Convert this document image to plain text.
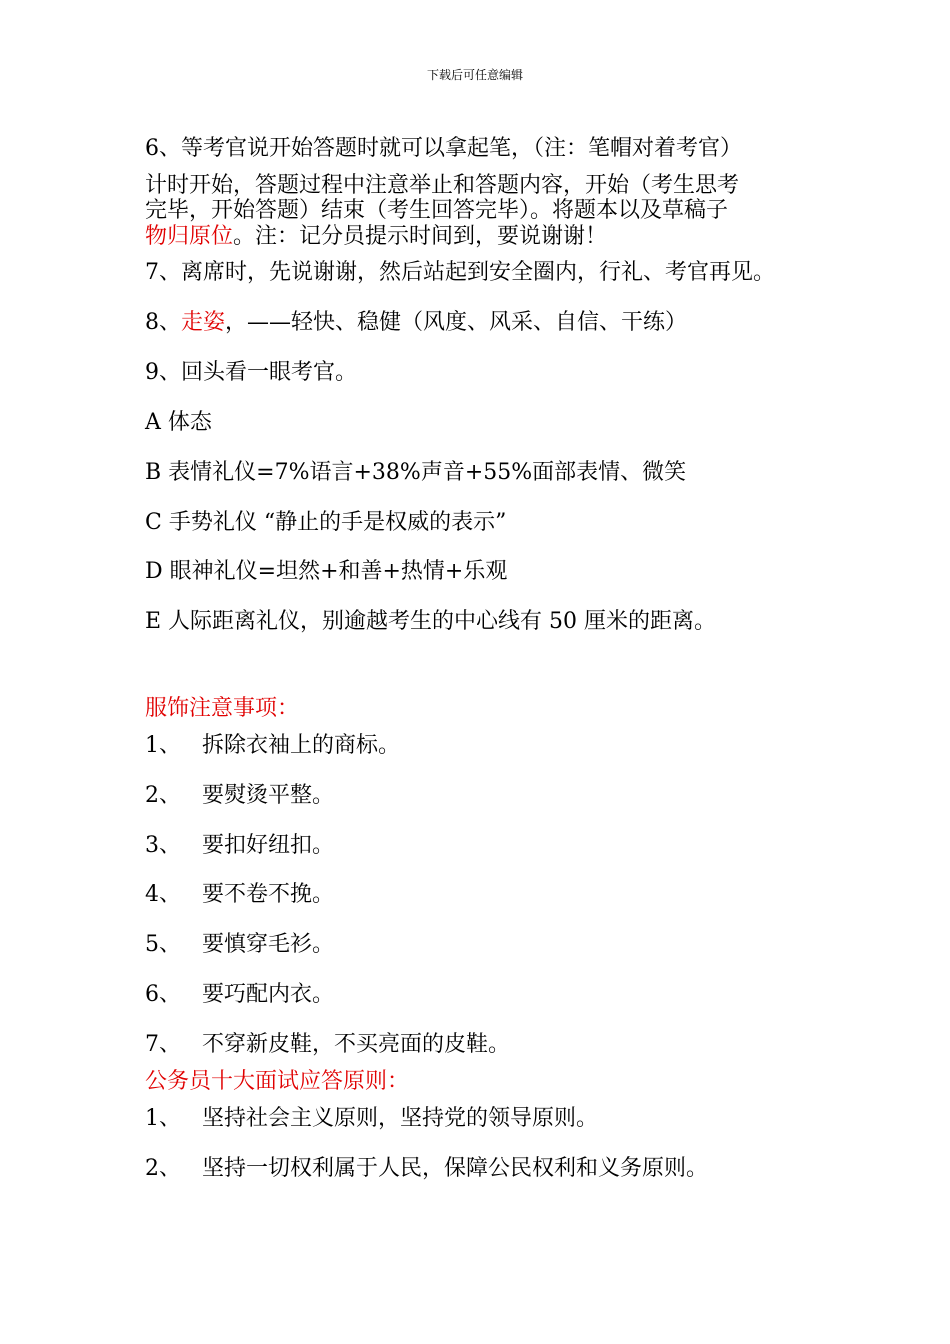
下载后可任意编辑
6、等考官说开始答题时就可以拿起笔，（注：笔帽对着考官）
计时开始，答题过程中注意举止和答题内容，开始（考生思考
完毕，开始答题）结束（考生回答完毕）。将题本以及草稿子
物归原位。注：记分员提示时间到，要说谢谢！
7、离席时，先说谢谢，然后站起到安全圈内，行礼、考官再见。
8、走姿，——轻快、稳健（风度、风采、自信、干练）
9、回头看一眼考官。
A 体态
B 表情礼仪=7%语言+38%声音+55%面部表情、微笑
C 手势礼仪 “静止的手是权威的表示”
D 眼神礼仪=坦然+和善+热情+乐观
E 人际距离礼仪，别逾越考生的中心线有 50 厘米的距离。
服饰注意事项：
1、 拆除衣袖上的商标。
2、 要熨烫平整。
3、 要扣好纽扣。
4、 要不卷不挽。
5、 要慎穿毛衫。
6、 要巧配内衣。
7、 不穿新皮鞋，不买亮面的皮鞋。
公务员十大面试应答原则：
1、 坚持社会主义原则，坚持党的领导原则。
2、 坚持一切权利属于人民，保障公民权利和义务原则。
